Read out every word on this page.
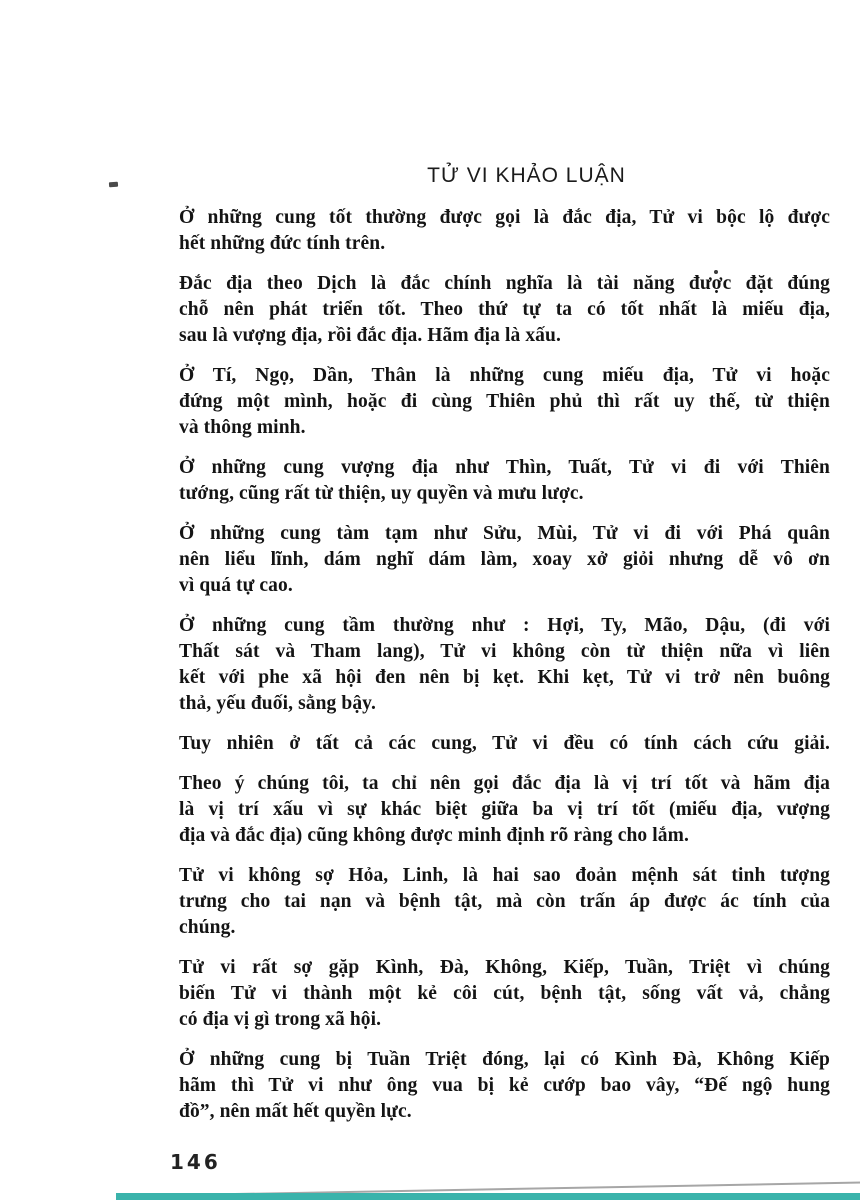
TỬ VI KHẢO LUẬN
Ở những cung tốt thường được gọi là đắc địa, Tử vi bộc lộ được
hết những đức tính trên.
Đắc địa theo Dịch là đắc chính nghĩa là tài năng được đặt đúng
chỗ nên phát triển tốt. Theo thứ tự ta có tốt nhất là miếu địa,
sau là vượng địa, rồi đắc địa. Hãm địa là xấu.
Ở Tí, Ngọ, Dần, Thân là những cung miếu địa, Tử vi hoặc
đứng một mình, hoặc đi cùng Thiên phủ thì rất uy thế, từ thiện
và thông minh.
Ở những cung vượng địa như Thìn, Tuất, Tử vi đi với Thiên
tướng, cũng rất từ thiện, uy quyền và mưu lược.
Ở những cung tàm tạm như Sửu, Mùi, Tử vi đi với Phá quân
nên liểu lĩnh, dám nghĩ dám làm, xoay xở giỏi nhưng dễ vô ơn
vì quá tự cao.
Ở những cung tầm thường như : Hợi, Ty, Mão, Dậu, (đi với
Thất sát và Tham lang), Tử vi không còn từ thiện nữa vì liên
kết với phe xã hội đen nên bị kẹt. Khi kẹt, Tử vi trở nên buông
thả, yếu đuối, sằng bậy.
Tuy nhiên ở tất cả các cung, Tử vi đều có tính cách cứu giải.
Theo ý chúng tôi, ta chỉ nên gọi đắc địa là vị trí tốt và hãm địa
là vị trí xấu vì sự khác biệt giữa ba vị trí tốt (miếu địa, vượng
địa và đắc địa) cũng không được minh định rõ ràng cho lắm.
Tử vi không sợ Hỏa, Linh, là hai sao đoản mệnh sát tinh tượng
trưng cho tai nạn và bệnh tật, mà còn trấn áp được ác tính của
chúng.
Tử vi rất sợ gặp Kình, Đà, Không, Kiếp, Tuần, Triệt vì chúng
biến Tử vi thành một kẻ côi cút, bệnh tật, sống vất vả, chẳng
có địa vị gì trong xã hội.
Ở những cung bị Tuần Triệt đóng, lại có Kình Đà, Không Kiếp
hãm thì Tử vi như ông vua bị kẻ cướp bao vây, “Đế ngộ hung
đồ”, nên mất hết quyền lực.
146
